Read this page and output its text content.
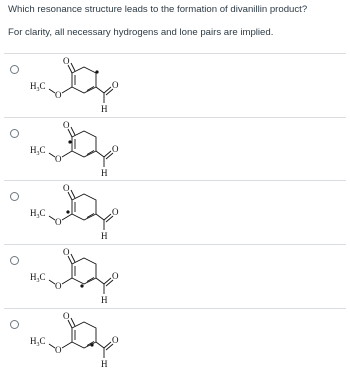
Which resonance structure leads to the formation of divanillin product?

For clarity, all necessary hydrogens and lone pairs are implied.

$H_3C$
O
O
O
H
$H_3C$
O
O
O
H
$H_3C$
O
O
O
H
$H_3C$
O
O
O
H
$H_3C$
O
O
O
H
